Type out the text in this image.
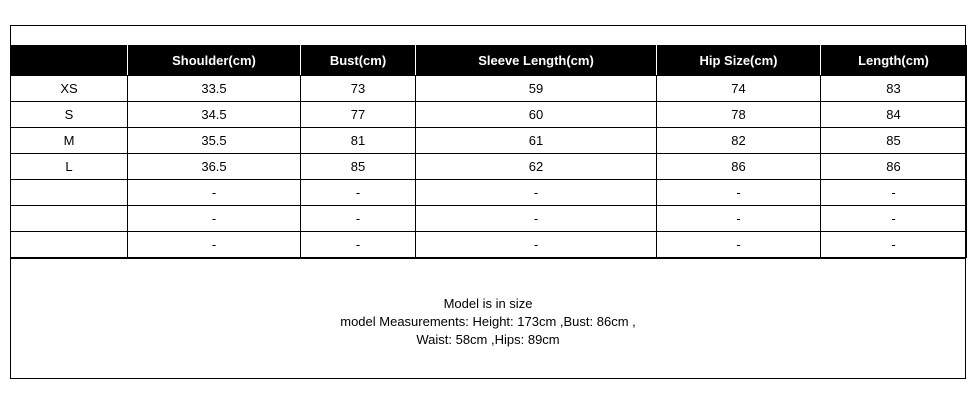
	Shoulder(cm)	Bust(cm)	Sleeve Length(cm)	Hip Size(cm)	Length(cm)
XS	33.5	73	59	74	83
S	34.5	77	60	78	84
M	35.5	81	61	82	85
L	36.5	85	62	86	86
	-	-	-	-	-
	-	-	-	-	-
	-	-	-	-	-
Model is in size
model Measurements: Height: 173cm ,Bust: 86cm ,
Waist: 58cm ,Hips: 89cm
